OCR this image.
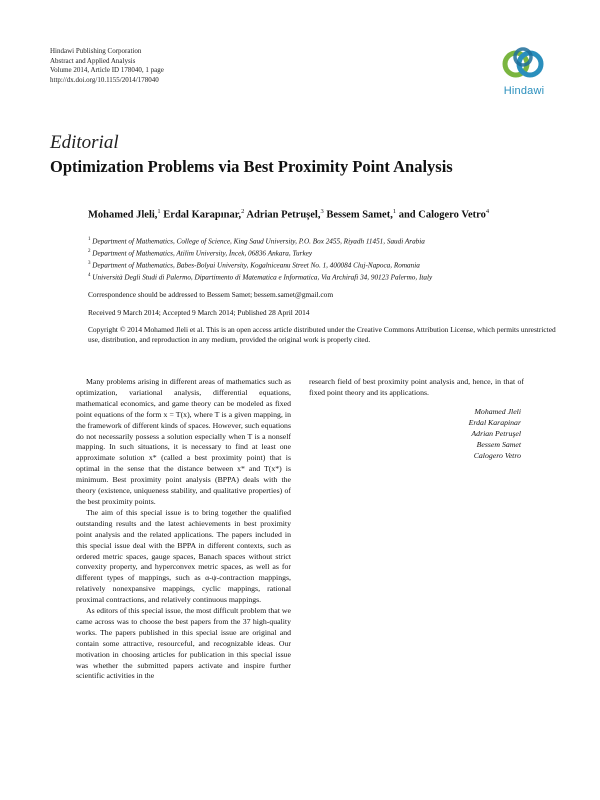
Hindawi Publishing Corporation
Abstract and Applied Analysis
Volume 2014, Article ID 178040, 1 page
http://dx.doi.org/10.1155/2014/178040
Hindawi
Editorial
Optimization Problems via Best Proximity Point Analysis
Mohamed Jleli,$^1$ Erdal Karapınar,$^2$ Adrian Petrușel,$^3$ Bessem Samet,$^1$ and Calogero Vetro$^4$
$^1$ Department of Mathematics, College of Science, King Saud University, P.O. Box 2455, Riyadh 11451, Saudi Arabia
$^2$ Department of Mathematics, Atilim University, İncek, 06836 Ankara, Turkey
$^3$ Department of Mathematics, Babes-Bolyai University, Kogalniceanu Street No. 1, 400084 Cluj-Napoca, Romania
$^4$ Università Degli Studi di Palermo, Dipartimento di Matematica e Informatica, Via Archirafi 34, 90123 Palermo, Italy
Correspondence should be addressed to Bessem Samet; bessem.samet@gmail.com
Received 9 March 2014; Accepted 9 March 2014; Published 28 April 2014
Copyright © 2014 Mohamed Jleli et al. This is an open access article distributed under the Creative Commons Attribution License, which permits unrestricted use, distribution, and reproduction in any medium, provided the original work is properly cited.

Many problems arising in different areas of mathematics such as optimization, variational analysis, differential equations, mathematical economics, and game theory can be modeled as fixed point equations of the form x = T(x), where T is a given mapping, in the framework of different kinds of spaces. However, such equations do not necessarily possess a solution especially when T is a nonself mapping. In such situations, it is necessary to find at least one approximate solution x* (called a best proximity point) that is optimal in the sense that the distance between x* and T(x*) is minimum. Best proximity point analysis (BPPA) deals with the theory (existence, uniqueness stability, and qualitative properties) of the best proximity points.

The aim of this special issue is to bring together the qualified outstanding results and the latest achievements in best proximity point analysis and the related applications. The papers included in this special issue deal with the BPPA in different contexts, such as ordered metric spaces, gauge spaces, Banach spaces without strict convexity property, and hyperconvex metric spaces, as well as for different types of mappings, such as α-ψ-contraction mappings, relatively nonexpansive mappings, cyclic mappings, rational proximal contractions, and relatively continuous mappings.

As editors of this special issue, the most difficult problem that we came across was to choose the best papers from the 37 high-quality works. The papers published in this special issue are original and contain some attractive, resourceful, and recognizable ideas. Our motivation in choosing articles for publication in this special issue was whether the submitted papers activate and inspire further scientific activities in the

research field of best proximity point analysis and, hence, in that of fixed point theory and its applications.

Mohamed Jleli
Erdal Karapinar
Adrian Petruşel
Bessem Samet
Calogero Vetro
